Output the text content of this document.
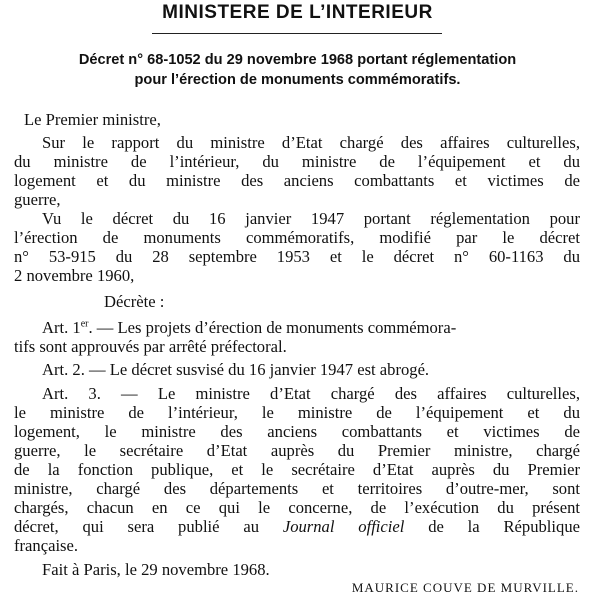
MINISTERE DE L’INTERIEUR
Décret n° 68-1052 du 29 novembre 1968 portant réglementation
pour l’érection de monuments commémoratifs.
Le Premier ministre,
Sur le rapport du ministre d’Etat chargé des affaires culturelles,
du ministre de l’intérieur, du ministre de l’équipement et du
logement et du ministre des anciens combattants et victimes de
guerre,
Vu le décret du 16 janvier 1947 portant réglementation pour
l’érection de monuments commémoratifs, modifié par le décret
n° 53-915 du 28 septembre 1953 et le décret n° 60-1163 du
2 novembre 1960,
Décrète :
Art. 1er. — Les projets d’érection de monuments commémora-
tifs sont approuvés par arrêté préfectoral.
Art. 2. — Le décret susvisé du 16 janvier 1947 est abrogé.
Art. 3. — Le ministre d’Etat chargé des affaires culturelles,
le ministre de l’intérieur, le ministre de l’équipement et du
logement, le ministre des anciens combattants et victimes de
guerre, le secrétaire d’Etat auprès du Premier ministre, chargé
de la fonction publique, et le secrétaire d’Etat auprès du Premier
ministre, chargé des départements et territoires d’outre-mer, sont
chargés, chacun en ce qui le concerne, de l’exécution du présent
décret, qui sera publié au Journal officiel de la République
française.
Fait à Paris, le 29 novembre 1968.
MAURICE COUVE DE MURVILLE.
